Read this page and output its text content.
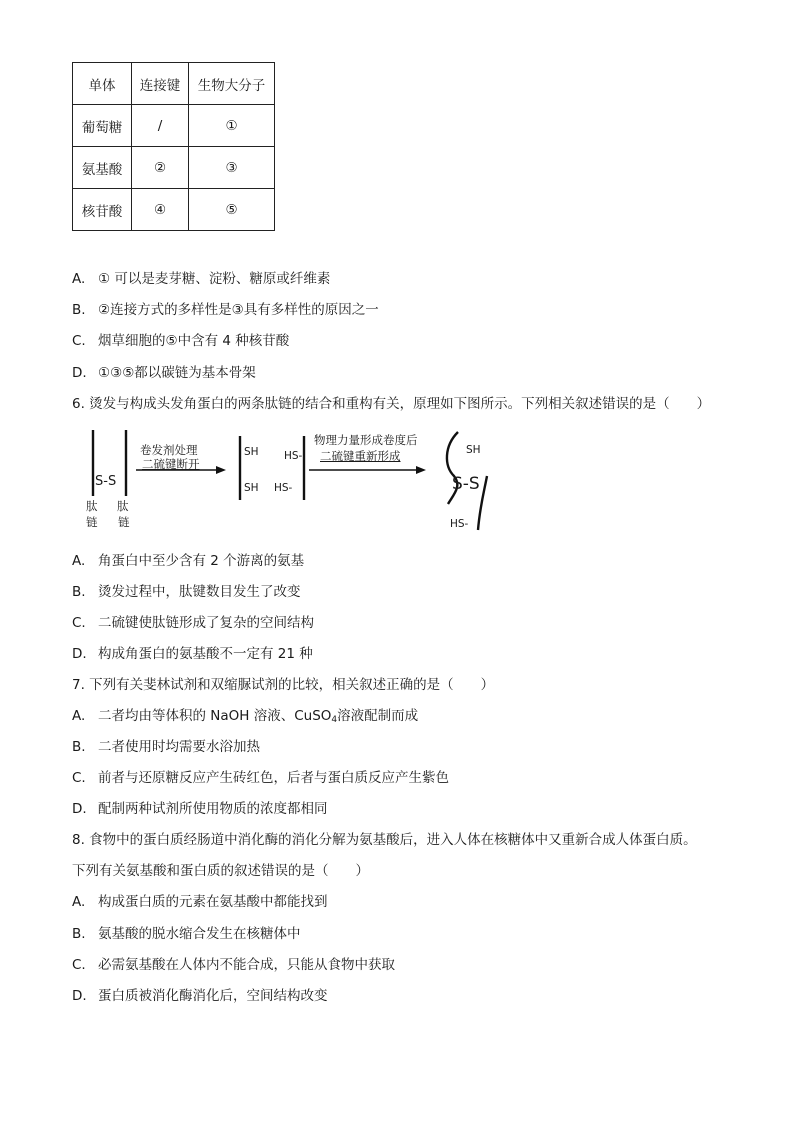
单体	连接键	生物大分子
葡萄糖	/	①
氨基酸	②	③
核苷酸	④	⑤
A. ① 可以是麦芽糖、淀粉、糖原或纤维素
B. ②连接方式的多样性是③具有多样性的原因之一
C. 烟草细胞的⑤中含有 4 种核苷酸
D. ①③⑤都以碳链为基本骨架
6. 烫发与构成头发角蛋白的两条肽链的结合和重构有关，原理如下图所示。下列相关叙述错误的是（　　）
S-S
肽
链
肽
链
卷发剂处理
二硫键断开
SH
SH
HS-
HS-
物理力量形成卷度后
二硫键重新形成	SH
S-S
HS-
A. 角蛋白中至少含有 2 个游离的氨基
B. 烫发过程中，肽键数目发生了改变
C. 二硫键使肽链形成了复杂的空间结构
D. 构成角蛋白的氨基酸不一定有 21 种
7. 下列有关斐林试剂和双缩脲试剂的比较，相关叙述正确的是（　　）
A. 二者均由等体积的 NaOH 溶液、CuSO$_4$溶液配制而成
B. 二者使用时均需要水浴加热
C. 前者与还原糖反应产生砖红色，后者与蛋白质反应产生紫色
D. 配制两种试剂所使用物质的浓度都相同
8. 食物中的蛋白质经肠道中消化酶的消化分解为氨基酸后，进入人体在核糖体中又重新合成人体蛋白质。
下列有关氨基酸和蛋白质的叙述错误的是（　　）
A. 构成蛋白质的元素在氨基酸中都能找到
B. 氨基酸的脱水缩合发生在核糖体中
C. 必需氨基酸在人体内不能合成，只能从食物中获取
D. 蛋白质被消化酶消化后，空间结构改变
